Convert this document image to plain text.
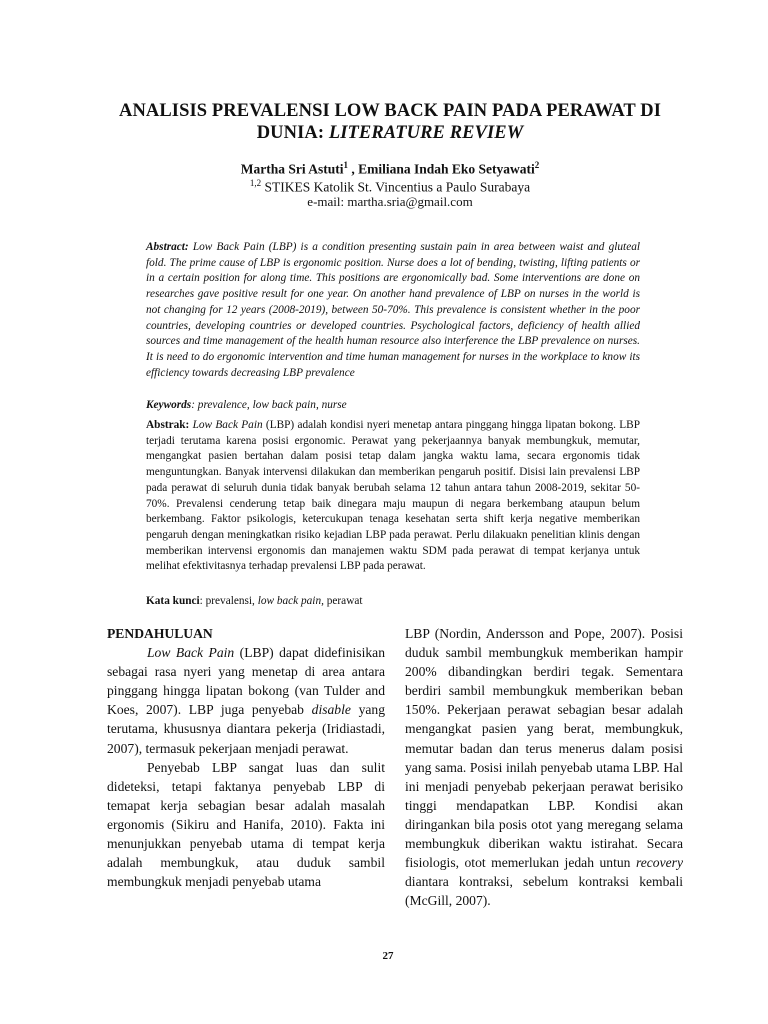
ANALISIS PREVALENSI LOW BACK PAIN PADA PERAWAT DI
DUNIA: LITERATURE REVIEW
Martha Sri Astuti$^1$ , Emiliana Indah Eko Setyawati$^2$
$^{1,2}$ STIKES Katolik St. Vincentius a Paulo Surabaya
e-mail: martha.sria@gmail.com
Abstract: Low Back Pain (LBP) is a condition presenting sustain pain in area between waist and gluteal fold. The prime cause of LBP is ergonomic position. Nurse does a lot of bending, twisting, lifting patients or in a certain position for along time. This positions are ergonomically bad. Some interventions are done on researches gave positive result for one year. On another hand prevalence of LBP on nurses in the world is not changing for 12 years (2008-2019), between 50-70%. This prevalence is consistent whether in the poor countries, developing countries or developed countries. Psychological factors, deficiency of health allied sources and time management of the health human resource also interference the LBP prevalence on nurses. It is need to do ergonomic intervention and time human management for nurses in the workplace to know its efficiency towards decreasing LBP prevalence
Keywords: prevalence, low back pain, nurse
Abstrak: Low Back Pain (LBP) adalah kondisi nyeri menetap antara pinggang hingga lipatan bokong. LBP terjadi terutama karena posisi ergonomic. Perawat yang pekerjaannya banyak membungkuk, memutar, mengangkat pasien bertahan dalam posisi tetap dalam jangka waktu lama, secara ergonomis tidak menguntungkan. Banyak intervensi dilakukan dan memberikan pengaruh positif. Disisi lain prevalensi LBP pada perawat di seluruh dunia tidak banyak berubah selama 12 tahun antara tahun 2008-2019, sekitar 50-70%. Prevalensi cenderung tetap baik dinegara maju maupun di negara berkembang ataupun belum berkembang. Faktor psikologis, ketercukupan tenaga kesehatan serta shift kerja negative memberikan pengaruh dengan meningkatkan risiko kejadian LBP pada perawat. Perlu dilakuakn penelitian klinis dengan memberikan intervensi ergonomis dan manajemen waktu SDM pada perawat di tempat kerjanya untuk melihat efektivitasnya terhadap prevalensi LBP pada perawat.
Kata kunci: prevalensi, low back pain, perawat

PENDAHULUAN

Low Back Pain (LBP) dapat didefinisikan sebagai rasa nyeri yang menetap di area antara pinggang hingga lipatan bokong (van Tulder and Koes, 2007). LBP juga penyebab disable yang terutama, khususnya diantara pekerja (Iridiastadi, 2007), termasuk pekerjaan menjadi perawat.

Penyebab LBP sangat luas dan sulit dideteksi, tetapi faktanya penyebab LBP di temapat kerja sebagian besar adalah masalah ergonomis (Sikiru and Hanifa, 2010). Fakta ini menunjukkan penyebab utama di tempat kerja adalah membungkuk, atau duduk sambil membungkuk menjadi penyebab utama

LBP (Nordin, Andersson and Pope, 2007). Posisi duduk sambil membungkuk memberikan hampir 200% dibandingkan berdiri tegak. Sementara berdiri sambil membungkuk memberikan beban 150%. Pekerjaan perawat sebagian besar adalah mengangkat pasien yang berat, membungkuk, memutar badan dan terus menerus dalam posisi yang sama. Posisi inilah penyebab utama LBP. Hal ini menjadi penyebab pekerjaan perawat berisiko tinggi mendapatkan LBP. Kondisi akan diringankan bila posis otot yang meregang selama membungkuk diberikan waktu istirahat. Secara fisiologis, otot memerlukan jedah untun recovery diantara kontraksi, sebelum kontraksi kembali (McGill, 2007).

27
